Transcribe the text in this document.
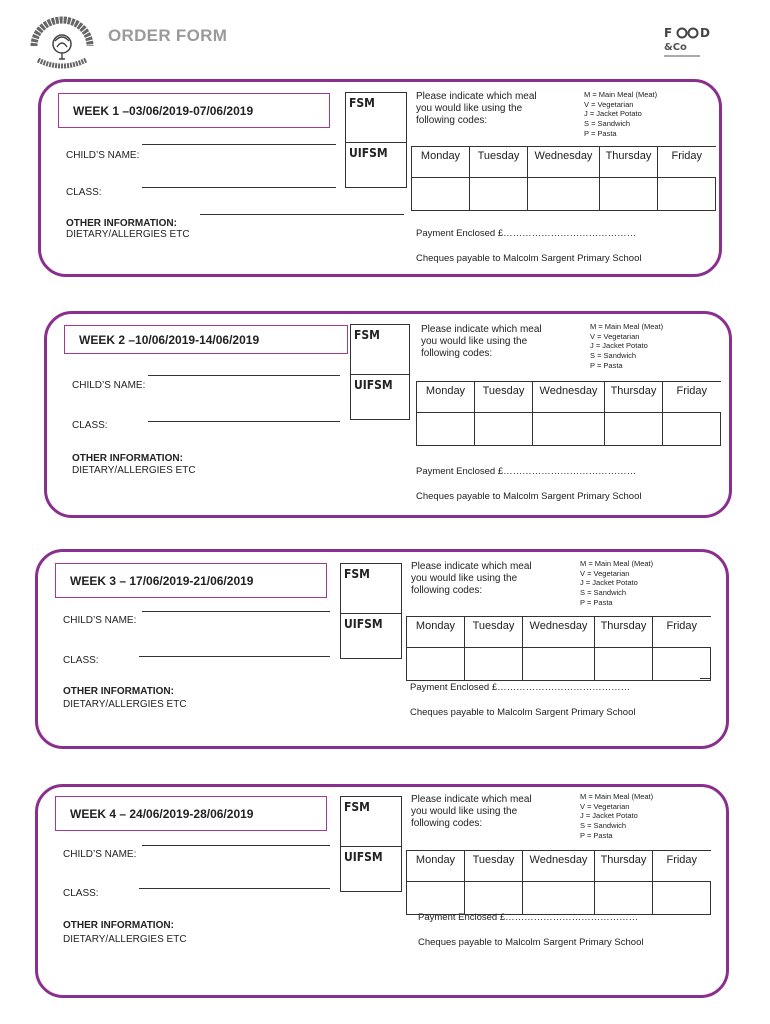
ORDER FORM	F D
&Co
WEEK 1 –03/06/2019-07/06/2019
FSM
UIFSM
CHILD’S NAME:
CLASS:
OTHER INFORMATION:
DIETARY/ALLERGIES ETC
Please indicate which meal you would like using the following codes:
M = Main Meal (Meat)
V = Vegetarian
J = Jacket Potato
S = Sandwich
P = Pasta
Monday	Tuesday	Wednesday	Thursday	Friday

Payment Enclosed £……………………………………
Cheques payable to Malcolm Sargent Primary School
WEEK 2 –10/06/2019-14/06/2019	FSM
UIFSM
CHILD’S NAME:
CLASS:
OTHER INFORMATION:
DIETARY/ALLERGIES ETC
Please indicate which meal you would like using the following codes:
M = Main Meal (Meat)
V = Vegetarian
J = Jacket Potato
S = Sandwich
P = Pasta
Monday	Tuesday	Wednesday	Thursday	Friday

Payment Enclosed £……………………………………
Cheques payable to Malcolm Sargent Primary School
WEEK 3 – 17/06/2019-21/06/2019	FSM
UIFSM
CHILD’S NAME:
CLASS:
OTHER INFORMATION:
DIETARY/ALLERGIES ETC
Please indicate which meal you would like using the following codes:
M = Main Meal (Meat)
V = Vegetarian
J = Jacket Potato
S = Sandwich
P = Pasta
Monday	Tuesday	Wednesday	Thursday	Friday

Payment Enclosed £……………………………………
Cheques payable to Malcolm Sargent Primary School
WEEK 4 – 24/06/2019-28/06/2019	FSM
UIFSM
CHILD’S NAME:
CLASS:
OTHER INFORMATION:
DIETARY/ALLERGIES ETC
Please indicate which meal you would like using the following codes:
M = Main Meal (Meat)
V = Vegetarian
J = Jacket Potato
S = Sandwich
P = Pasta
Monday	Tuesday	Wednesday	Thursday	Friday

Payment Enclosed £……………………………………
Cheques payable to Malcolm Sargent Primary School
